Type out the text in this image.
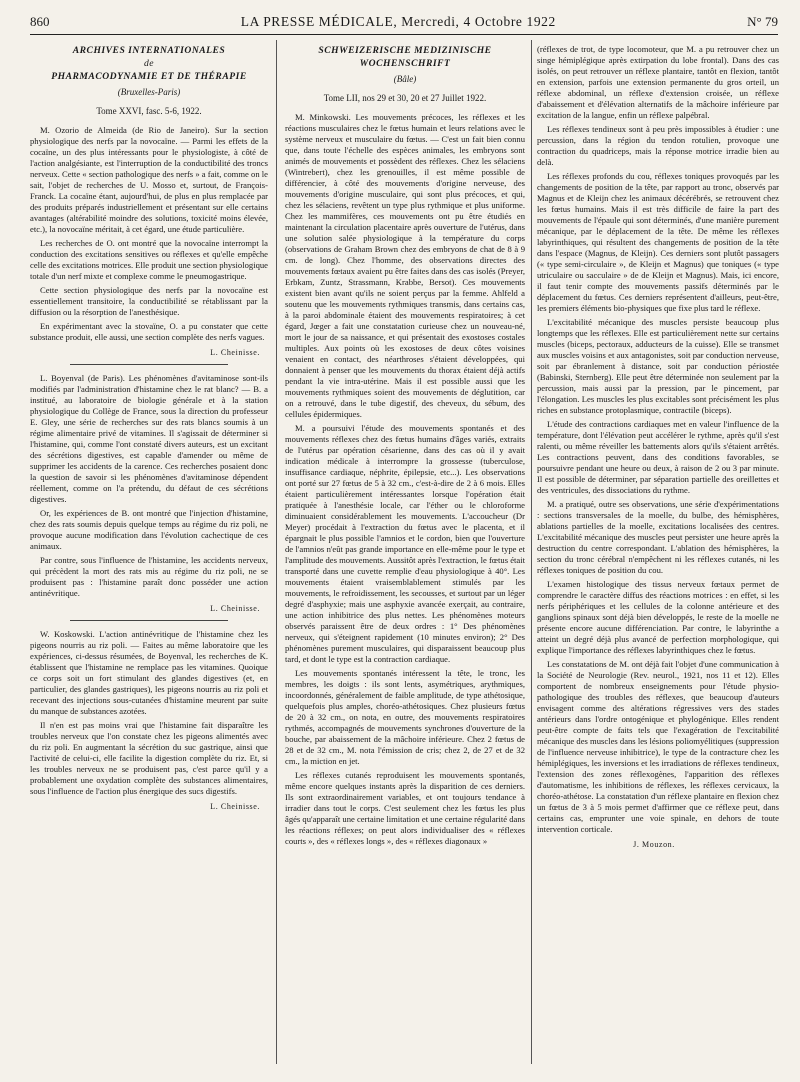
860	LA PRESSE MÉDICALE, Mercredi, 4 Octobre 1922	N° 79
ARCHIVES INTERNATIONALES
de
PHARMACODYNAMIE ET DE THÉRAPIE
(Bruxelles-Paris)
Tome XXVI, fasc. 5-6, 1922.

M. Ozorio de Almeida (de Rio de Janeiro). Sur la section physiologique des nerfs par la novocaïne. — Parmi les effets de la cocaïne, un des plus intéressants pour le physiologiste, à côté de l'action analgésiante, est l'interruption de la conductibilité des troncs nerveux. Cette « section pathologique des nerfs » a fait, comme on le sait, l'objet de recherches de U. Mosso et, surtout, de François-Franck. La cocaïne étant, aujourd'hui, de plus en plus remplacée par des produits préparés industriellement et présentant sur elle certains avantages (altérabilité moindre des solutions, toxicité moins élevée, etc.), la novocaïne méritait, à cet égard, une étude particulière.

Les recherches de O. ont montré que la novocaïne interrompt la conduction des excitations sensitives ou réflexes et qu'elle empêche celle des excitations motrices. Elle produit une section physiologique totale d'un nerf mixte et complexe comme le pneumogastrique.

Cette section physiologique des nerfs par la novocaïne est essentiellement transitoire, la conductibilité se rétablissant par la diffusion ou la résorption de l'anesthésique.

En expérimentant avec la stovaïne, O. a pu constater que cette substance produit, elle aussi, une section complète des nerfs vagues.

L. Cheinisse.

L. Boyenval (de Paris). Les phénomènes d'avitaminose sont-ils modifiés par l'administration d'histamine chez le rat blanc? — B. a institué, au laboratoire de biologie générale et à la station physiologique du Collège de France, sous la direction du professeur E. Gley, une série de recherches sur des rats blancs soumis à un régime alimentaire privé de vitamines. Il s'agissait de déterminer si l'histamine, qui, comme l'ont constaté divers auteurs, est un excitant des sécrétions digestives, est capable d'amender ou même de supprimer les accidents de la carence. Ces recherches posaient donc la question de savoir si les phénomènes d'avitaminose dépendent réellement, comme on l'a prétendu, du défaut de ces sécrétions digestives.

Or, les expériences de B. ont montré que l'injection d'histamine, chez des rats soumis depuis quelque temps au régime du riz poli, ne provoque aucune modification dans l'évolution cachectique de ces animaux.

Par contre, sous l'influence de l'histamine, les accidents nerveux, qui précèdent la mort des rats mis au régime du riz poli, ne se produisent pas : l'histamine paraît donc posséder une action antinévritique.

L. Cheinisse.

W. Koskowski. L'action antinévritique de l'histamine chez les pigeons nourris au riz poli. — Faites au même laboratoire que les expériences, ci-dessus résumées, de Boyenval, les recherches de K. établissent que l'histamine ne remplace pas les vitamines. Quoique ce corps soit un fort stimulant des glandes digestives (et, en particulier, des glandes gastriques), les pigeons nourris au riz poli et recevant des injections sous-cutanées d'histamine meurent par suite du manque de substances azotées.

Il n'en est pas moins vrai que l'histamine fait disparaître les troubles nerveux que l'on constate chez les pigeons alimentés avec du riz poli. En augmentant la sécrétion du suc gastrique, ainsi que l'activité de celui-ci, elle facilite la digestion complète du riz. Et, si les troubles nerveux ne se produisent pas, c'est parce qu'il y a probablement une oxydation complète des substances alimentaires, sous l'influence de l'action plus énergique des sucs digestifs.

L. Cheinisse.
SCHWEIZERISCHE MEDIZINISCHE
WOCHENSCHRIFT
(Bâle)
Tome LII, nos 29 et 30, 20 et 27 Juillet 1922.

M. Minkowski. Les mouvements précoces, les réflexes et les réactions musculaires chez le fœtus humain et leurs relations avec le système nerveux et musculaire du fœtus. — C'est un fait bien connu que, dans toute l'échelle des espèces animales, les embryons sont animés de mouvements et possèdent des réflexes. Chez les sélaciens (Wintrebert), chez les grenouilles, il est même possible de différencier, à côté des mouvements d'origine nerveuse, des mouvements d'origine musculaire, qui sont plus précoces, et qui, chez les sélaciens, revêtent un type plus rythmique et plus uniforme. Chez les mammifères, ces mouvements ont pu être étudiés en maintenant la circulation placentaire après ouverture de l'utérus, dans une solution salée physiologique à la température du corps (observations de Graham Brown chez des embryons de chat de 8 à 9 cm. de long). Chez l'homme, des observations directes des mouvements fœtaux avaient pu être faites dans des cas isolés (Preyer, Erbkam, Zuntz, Strassmann, Krabbe, Bersot). Ces mouvements existent bien avant qu'ils ne soient perçus par la femme. Ahlfeld a soutenu que les mouvements rythmiques transmis, dans certains cas, à la paroi abdominale étaient des mouvements respiratoires; à cet égard, Jœger a fait une constatation curieuse chez un nouveau-né, mort le jour de sa naissance, et qui présentait des exostoses costales multiples. Aux points où les exostoses de deux côtes voisines venaient en contact, des néarthroses s'étaient développées, qui donnaient à penser que les mouvements du thorax étaient déjà actifs pendant la vie intra-utérine. Mais il est possible aussi que les mouvements rythmiques soient des mouvements de déglutition, car on a retrouvé, dans le tube digestif, des cheveux, du sébum, des cellules épidermiques.

M. a poursuivi l'étude des mouvements spontanés et des mouvements réflexes chez des fœtus humains d'âges variés, extraits de l'utérus par opération césarienne, dans des cas où il y avait indication médicale à interrompre la grossesse (tuberculose, insuffisance cardiaque, néphrite, épilepsie, etc...). Les observations ont porté sur 27 fœtus de 5 à 32 cm., c'est-à-dire de 2 à 6 mois. Elles étaient particulièrement intéressantes lorsque l'opération était pratiquée à l'anesthésie locale, car l'éther ou le chloroforme diminuaient considérablement les mouvements. L'accoucheur (Dr Meyer) procédait à l'extraction du fœtus avec le placenta, et il épargnait le plus possible l'amnios et le cordon, bien que l'ouverture de l'amnios n'eût pas grande importance en elle-même pour le type et l'amplitude des mouvements. Aussitôt après l'extraction, le fœtus était transporté dans une cuvette remplie d'eau physiologique à 40°. Les mouvements étaient vraisemblablement stimulés par les mouvements, le refroidissement, les secousses, et surtout par un léger degré d'asphyxie; mais une asphyxie avancée exerçait, au contraire, une action inhibitrice des plus nettes. Les phénomènes moteurs observés paraissent être de deux ordres : 1° Des phénomènes nerveux, qui s'éteignent rapidement (10 minutes environ); 2° Des phénomènes purement musculaires, qui disparaissent beaucoup plus tard, et dont le type est la contraction cardiaque.

Les mouvements spontanés intéressent la tête, le tronc, les membres, les doigts : ils sont lents, asymétriques, arythmiques, incoordonnés, généralement de faible amplitude, de type athétosique, quelquefois plus amples, choréo-athétosiques. Chez plusieurs fœtus de 20 à 32 cm., on nota, en outre, des mouvements respiratoires rythmés, accompagnés de mouvements synchrones d'ouverture de la bouche, par abaissement de la mâchoire inférieure. Chez 2 fœtus de 28 et de 32 cm., M. nota l'émission de cris; chez 2, de 27 et de 32 cm., la miction en jet.

Les réflexes cutanés reproduisent les mouvements spontanés, même encore quelques instants après la disparition de ces derniers. Ils sont extraordinairement variables, et ont toujours tendance à irradier dans tout le corps. C'est seulement chez les fœtus les plus âgés qu'apparaît une certaine limitation et une certaine régularité dans les réactions réflexes; on peut alors individualiser des « réflexes courts », des « réflexes longs », des « réflexes diagonaux »

(réflexes de trot, de type locomoteur, que M. a pu retrouver chez un singe hémiplégique après extirpation du lobe frontal). Dans des cas isolés, on peut retrouver un réflexe plantaire, tantôt en flexion, tantôt en extension, parfois une extension permanente du gros orteil, un réflexe abdominal, un réflexe d'extension croisée, un réflexe d'abaissement et d'élévation alternatifs de la mâchoire inférieure par excitation de la langue, enfin un réflexe palpébral.

Les réflexes tendineux sont à peu près impossibles à étudier : une percussion, dans la région du tendon rotulien, provoque une contraction du quadriceps, mais la réponse motrice irradie bien au delà.

Les réflexes profonds du cou, réflexes toniques provoqués par les changements de position de la tête, par rapport au tronc, observés par Magnus et de Kleijn chez les animaux décérébrés, se retrouvent chez les fœtus humains. Mais il est très difficile de faire la part des mouvements de l'épaule qui sont déterminés, d'une manière purement mécanique, par le déplacement de la tête. De même les réflexes labyrinthiques, qui résultent des changements de position de la tête dans l'espace (Magnus, de Kleijn). Ces derniers sont plutôt passagers (« type semi-circulaire », de Kleijn et Magnus) que toniques (« type utriculaire ou sacculaire » de de Kleijn et Magnus). Mais, ici encore, il faut tenir compte des mouvements passifs déterminés par le déplacement du fœtus. Ces derniers représentent d'ailleurs, peut-être, les premiers éléments bio-physiques que fixe plus tard le réflexe.

L'excitabilité mécanique des muscles persiste beaucoup plus longtemps que les réflexes. Elle est particulièrement nette sur certains muscles (biceps, pectoraux, adducteurs de la cuisse). Elle se transmet aux muscles voisins et aux antagonistes, soit par conduction nerveuse, soit par ébranlement à distance, soit par conduction périostée (Babinski, Sternberg). Elle peut être déterminée non seulement par la percussion, mais aussi par la pression, par le pincement, par l'élongation. Les muscles les plus excitables sont précisément les plus riches en substance protoplasmique, contractile (biceps).

L'étude des contractions cardiaques met en valeur l'influence de la température, dont l'élévation peut accélérer le rythme, après qu'il s'est ralenti, ou même réveiller les battements alors qu'ils s'étaient arrêtés. Les contractions peuvent, dans des conditions favorables, se poursuivre pendant une heure ou deux, à raison de 2 ou 3 par minute. Il est possible de déterminer, par séparation partielle des oreillettes et des ventricules, des dissociations du rythme.

M. a pratiqué, outre ses observations, une série d'expérimentations : sections transversales de la moelle, du bulbe, des hémisphères, ablations partielles de la moelle, excitations localisées des centres. L'excitabilité mécanique des muscles peut persister une heure après la destruction du centre correspondant. L'ablation des hémisphères, la section du tronc cérébral n'empêchent ni les réflexes cutanés, ni les réflexes toniques de position du cou.

L'examen histologique des tissus nerveux fœtaux permet de comprendre le caractère diffus des réactions motrices : en effet, si les nerfs périphériques et les cellules de la colonne antérieure et des ganglions spinaux sont déjà bien développés, le reste de la moelle ne présente encore aucune différenciation. Par contre, le labyrinthe a atteint un degré déjà plus avancé de perfection morphologique, qui explique l'importance des réflexes labyrinthiques chez le fœtus.

Les constatations de M. ont déjà fait l'objet d'une communication à la Société de Neurologie (Rev. neurol., 1921, nos 11 et 12). Elles comportent de nombreux enseignements pour l'étude physio-pathologique des troubles des réflexes, que beaucoup d'auteurs envisagent comme des altérations régressives vers des stades antérieurs dans l'ordre ontogénique et phylogénique. Elles rendent peut-être compte de faits tels que l'exagération de l'excitabilité mécanique des muscles dans les lésions poliomyélitiques (suppression de l'influence nerveuse inhibitrice), le type de la contracture chez les hémiplégiques, les inversions et les irradiations de réflexes tendineux, l'extension des zones réflexogènes, l'apparition des réflexes d'automatisme, les inhibitions de réflexes, les réflexes cervicaux, la choréo-athétose. La constatation d'un réflexe plantaire en flexion chez un fœtus de 3 à 5 mois permet d'affirmer que ce réflexe peut, dans certains cas, emprunter une voie spinale, en dehors de toute intervention corticale.

J. Mouzon.
